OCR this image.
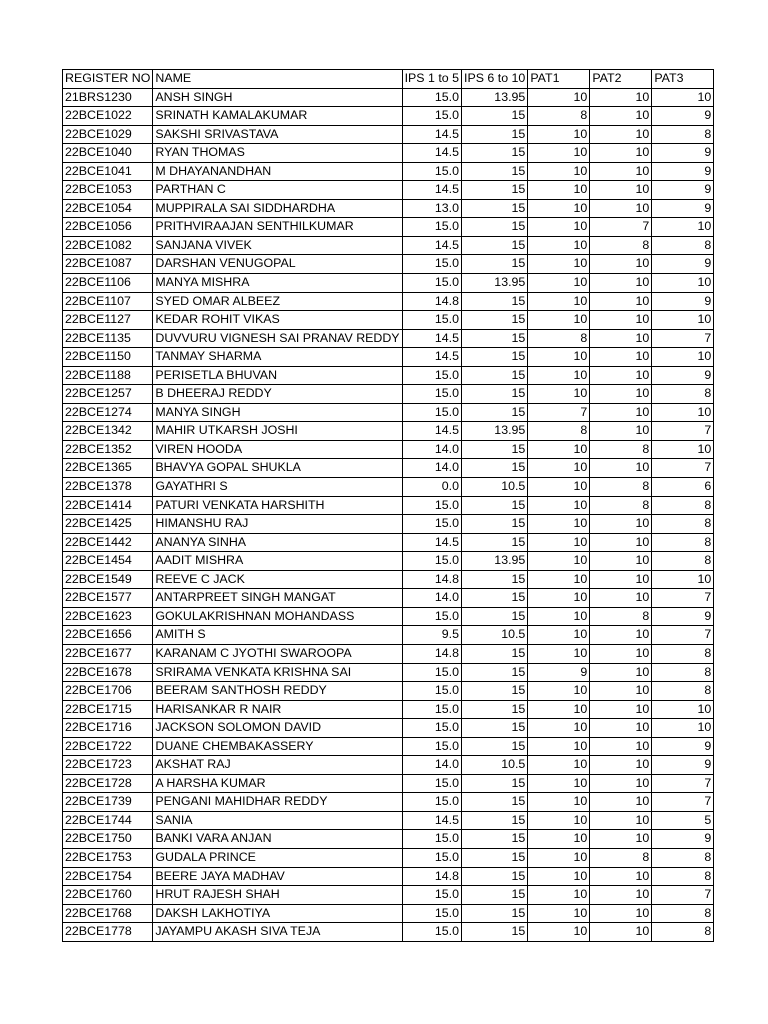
REGISTER NO	NAME	IPS 1 to 5	IPS 6 to 10	PAT1	PAT2	PAT3
21BRS1230	ANSH SINGH	15.0	13.95	10	10	10
22BCE1022	SRINATH KAMALAKUMAR	15.0	15	8	10	9
22BCE1029	SAKSHI SRIVASTAVA	14.5	15	10	10	8
22BCE1040	RYAN THOMAS	14.5	15	10	10	9
22BCE1041	M DHAYANANDHAN	15.0	15	10	10	9
22BCE1053	PARTHAN C	14.5	15	10	10	9
22BCE1054	MUPPIRALA SAI SIDDHARDHA	13.0	15	10	10	9
22BCE1056	PRITHVIRAAJAN SENTHILKUMAR	15.0	15	10	7	10
22BCE1082	SANJANA VIVEK	14.5	15	10	8	8
22BCE1087	DARSHAN VENUGOPAL	15.0	15	10	10	9
22BCE1106	MANYA MISHRA	15.0	13.95	10	10	10
22BCE1107	SYED OMAR ALBEEZ	14.8	15	10	10	9
22BCE1127	KEDAR ROHIT VIKAS	15.0	15	10	10	10
22BCE1135	DUVVURU VIGNESH SAI PRANAV REDDY	14.5	15	8	10	7
22BCE1150	TANMAY SHARMA	14.5	15	10	10	10
22BCE1188	PERISETLA BHUVAN	15.0	15	10	10	9
22BCE1257	B DHEERAJ REDDY	15.0	15	10	10	8
22BCE1274	MANYA SINGH	15.0	15	7	10	10
22BCE1342	MAHIR UTKARSH JOSHI	14.5	13.95	8	10	7
22BCE1352	VIREN HOODA	14.0	15	10	8	10
22BCE1365	BHAVYA GOPAL SHUKLA	14.0	15	10	10	7
22BCE1378	GAYATHRI S	0.0	10.5	10	8	6
22BCE1414	PATURI VENKATA HARSHITH	15.0	15	10	8	8
22BCE1425	HIMANSHU RAJ	15.0	15	10	10	8
22BCE1442	ANANYA SINHA	14.5	15	10	10	8
22BCE1454	AADIT MISHRA	15.0	13.95	10	10	8
22BCE1549	REEVE C JACK	14.8	15	10	10	10
22BCE1577	ANTARPREET SINGH MANGAT	14.0	15	10	10	7
22BCE1623	GOKULAKRISHNAN MOHANDASS	15.0	15	10	8	9
22BCE1656	AMITH S	9.5	10.5	10	10	7
22BCE1677	KARANAM C JYOTHI SWAROOPA	14.8	15	10	10	8
22BCE1678	SRIRAMA VENKATA KRISHNA SAI	15.0	15	9	10	8
22BCE1706	BEERAM SANTHOSH REDDY	15.0	15	10	10	8
22BCE1715	HARISANKAR R NAIR	15.0	15	10	10	10
22BCE1716	JACKSON SOLOMON DAVID	15.0	15	10	10	10
22BCE1722	DUANE CHEMBAKASSERY	15.0	15	10	10	9
22BCE1723	AKSHAT RAJ	14.0	10.5	10	10	9
22BCE1728	A HARSHA KUMAR	15.0	15	10	10	7
22BCE1739	PENGANI MAHIDHAR REDDY	15.0	15	10	10	7
22BCE1744	SANIA	14.5	15	10	10	5
22BCE1750	BANKI VARA ANJAN	15.0	15	10	10	9
22BCE1753	GUDALA PRINCE	15.0	15	10	8	8
22BCE1754	BEERE JAYA MADHAV	14.8	15	10	10	8
22BCE1760	HRUT RAJESH SHAH	15.0	15	10	10	7
22BCE1768	DAKSH LAKHOTIYA	15.0	15	10	10	8
22BCE1778	JAYAMPU AKASH SIVA TEJA	15.0	15	10	10	8
